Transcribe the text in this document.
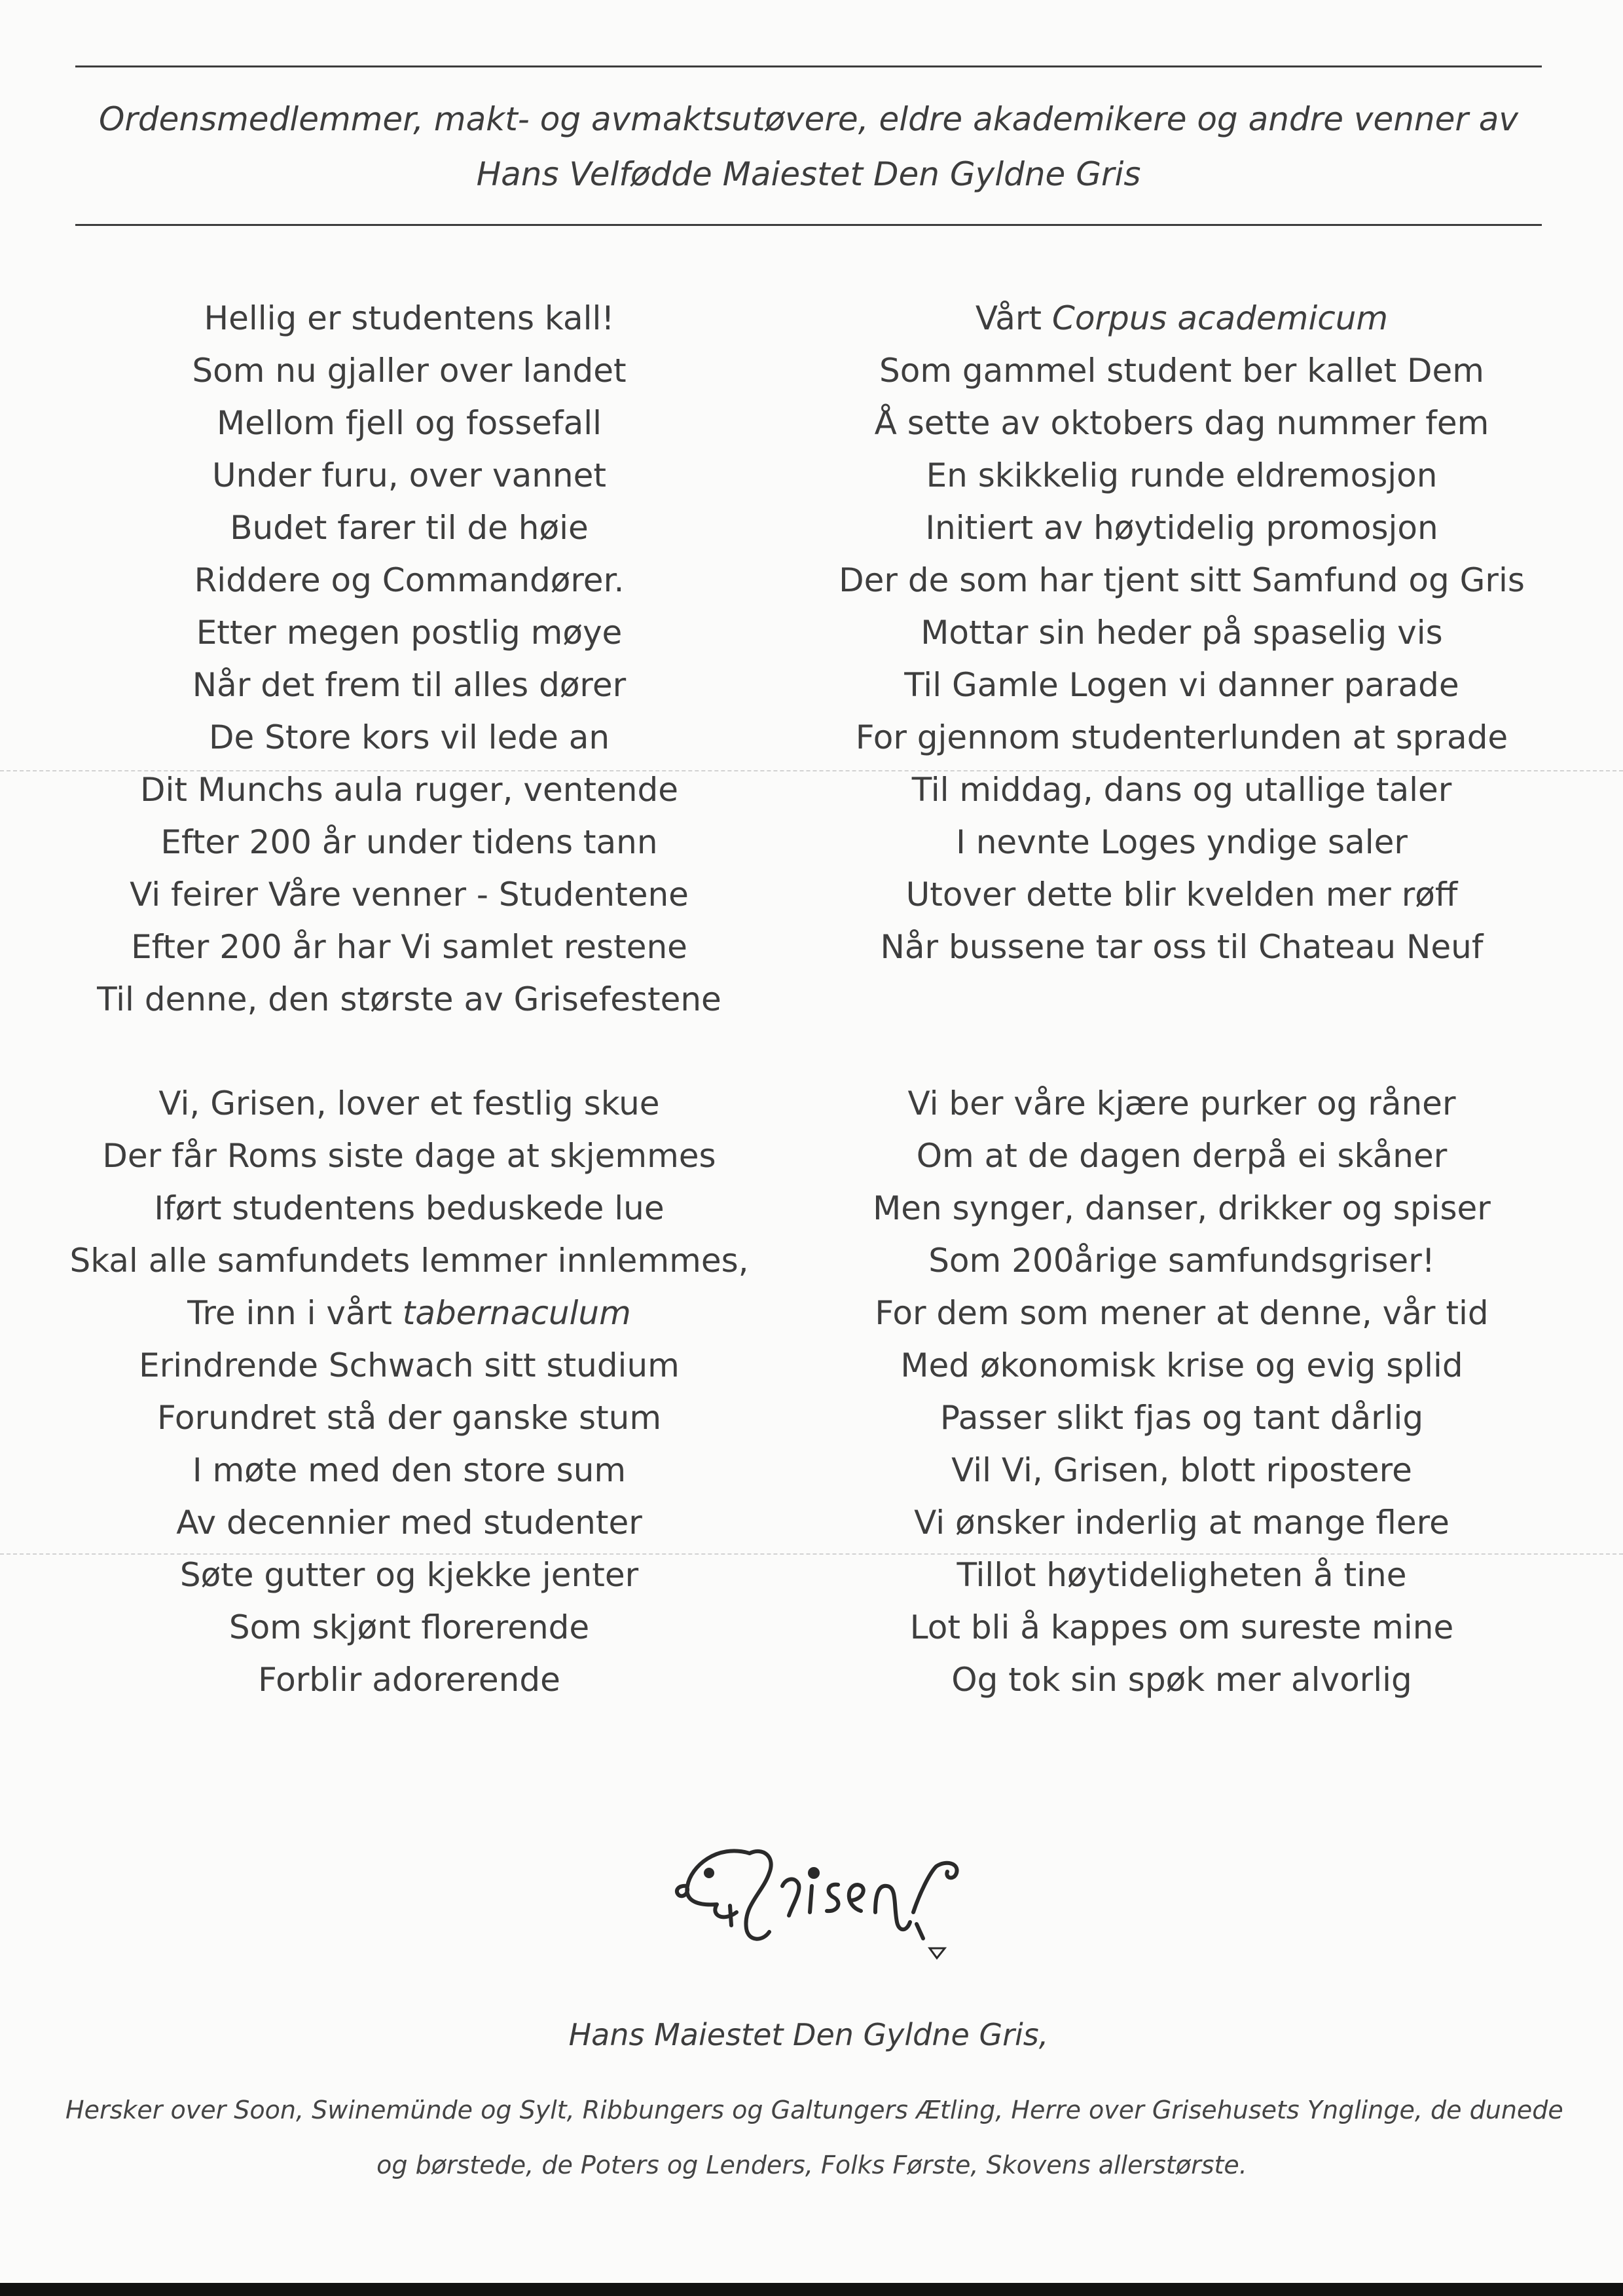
Ordensmedlemmer, makt- og avmaktsutøvere, eldre akademikere og andre venner av
Hans Velfødde Maiestet Den Gyldne Gris
Hellig er studentens kall!
Som nu gjaller over landet
Mellom fjell og fossefall
Under furu, over vannet
Budet farer til de høie
Riddere og Commandører.
Etter megen postlig møye
Når det frem til alles dører
De Store kors vil lede an
Dit Munchs aula ruger, ventende
Efter 200 år under tidens tann
Vi feirer Våre venner - Studentene
Efter 200 år har Vi samlet restene
Til denne, den største av Grisefestene
Vårt Corpus academicum
Som gammel student ber kallet Dem
Å sette av oktobers dag nummer fem
En skikkelig runde eldremosjon
Initiert av høytidelig promosjon
Der de som har tjent sitt Samfund og Gris
Mottar sin heder på spaselig vis
Til Gamle Logen vi danner parade
For gjennom studenterlunden at sprade
Til middag, dans og utallige taler
I nevnte Loges yndige saler
Utover dette blir kvelden mer røff
Når bussene tar oss til Chateau Neuf
Vi, Grisen, lover et festlig skue
Der får Roms siste dage at skjemmes
Iført studentens beduskede lue
Skal alle samfundets lemmer innlemmes,
Tre inn i vårt tabernaculum
Erindrende Schwach sitt studium
Forundret stå der ganske stum
I møte med den store sum
Av decennier med studenter
Søte gutter og kjekke jenter
Som skjønt florerende
Forblir adorerende
Vi ber våre kjære purker og råner
Om at de dagen derpå ei skåner
Men synger, danser, drikker og spiser
Som 200årige samfundsgriser!
For dem som mener at denne, vår tid
Med økonomisk krise og evig splid
Passer slikt fjas og tant dårlig
Vil Vi, Grisen, blott ripostere
Vi ønsker inderlig at mange flere
Tillot høytideligheten å tine
Lot bli å kappes om sureste mine
Og tok sin spøk mer alvorlig
Hans Maiestet Den Gyldne Gris,
Hersker over Soon, Swinemünde og Sylt, Ribbungers og Galtungers Ætling, Herre over Grisehusets Ynglinge, de dunede
og børstede, de Poters og Lenders, Folks Første, Skovens allerstørste.
